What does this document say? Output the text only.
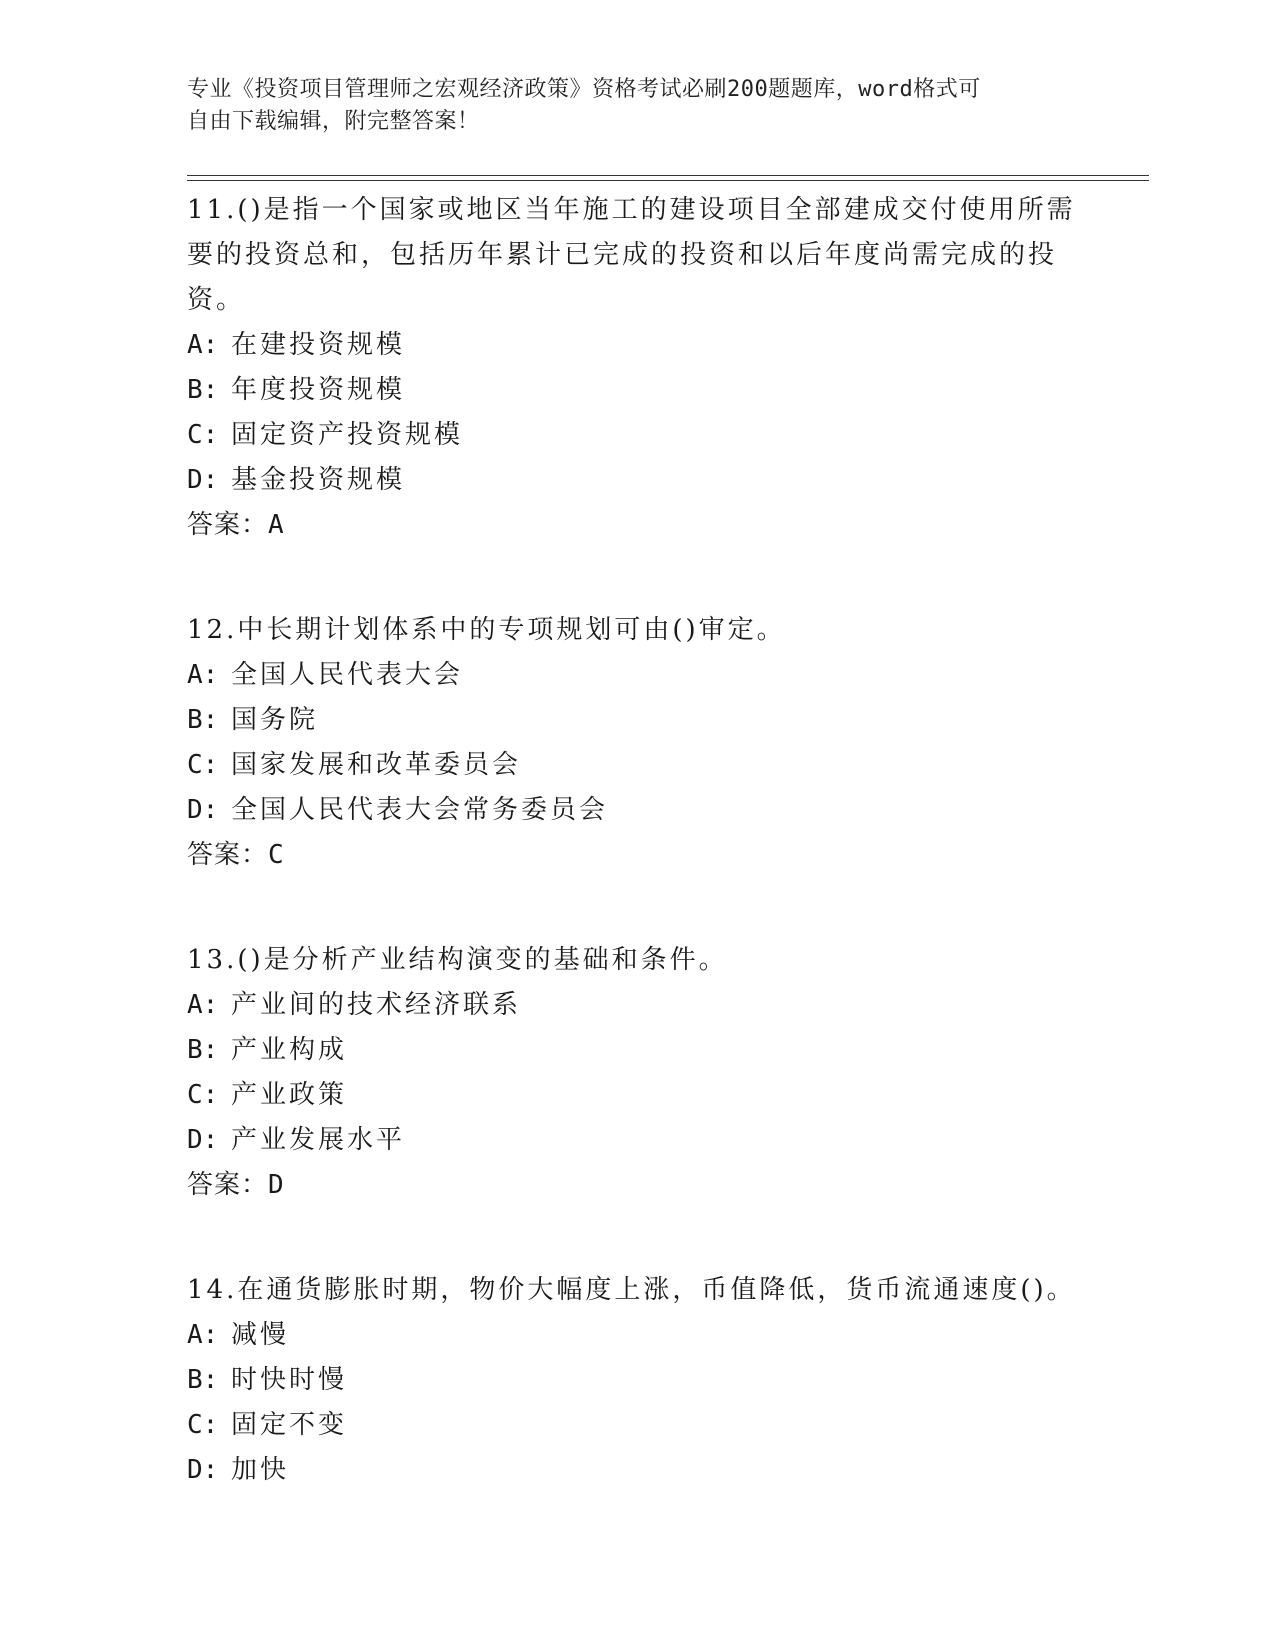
专业《投资项目管理师之宏观经济政策》资格考试必刷200题题库，word格式可
自由下载编辑，附完整答案！

11.()是指一个国家或地区当年施工的建设项目全部建成交付使用所需要的投资总和，包括历年累计已完成的投资和以后年度尚需完成的投资。

A: 在建投资规模

B: 年度投资规模

C: 固定资产投资规模

D: 基金投资规模

答案：A

12.中长期计划体系中的专项规划可由()审定。

A: 全国人民代表大会

B: 国务院

C: 国家发展和改革委员会

D: 全国人民代表大会常务委员会

答案：C

13.()是分析产业结构演变的基础和条件。

A: 产业间的技术经济联系

B: 产业构成

C: 产业政策

D: 产业发展水平

答案：D

14.在通货膨胀时期，物价大幅度上涨，币值降低，货币流通速度()。

A: 减慢

B: 时快时慢

C: 固定不变

D: 加快
